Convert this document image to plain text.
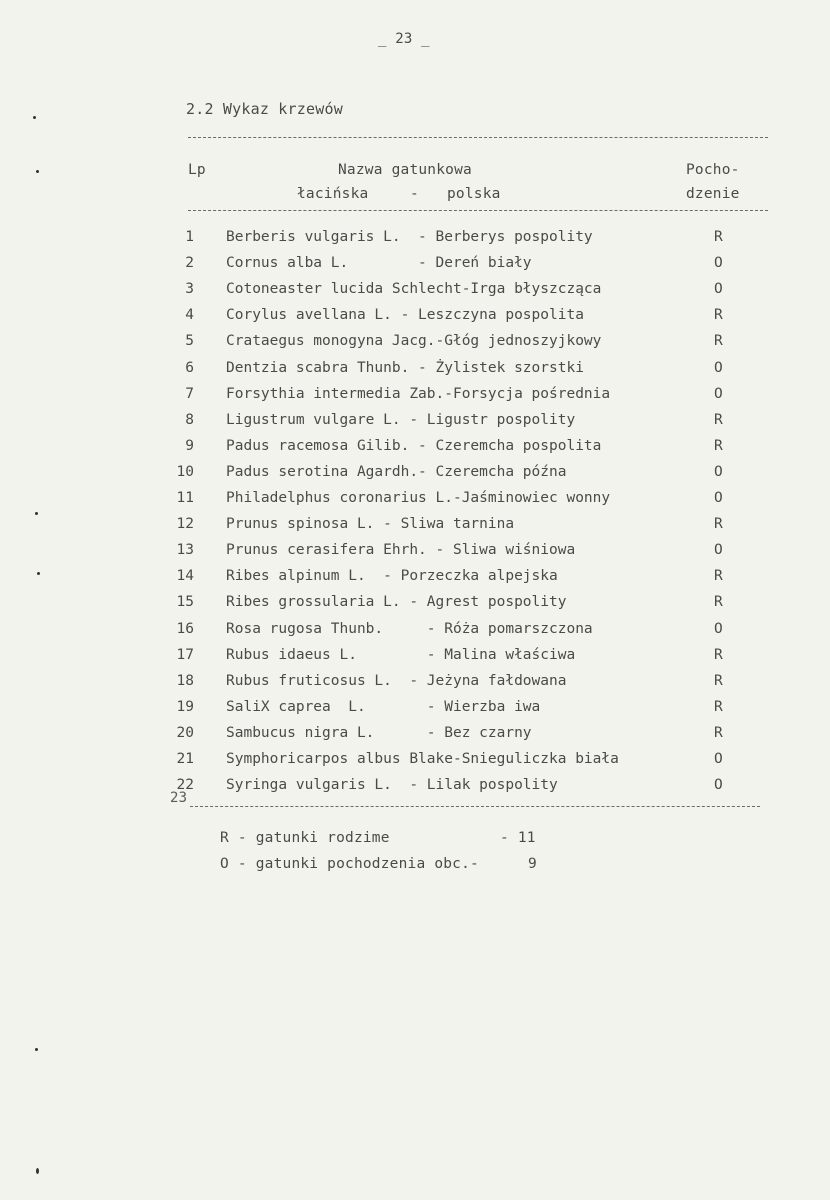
_ 23 _
2.2 Wykaz krzewów
Lp	Nazwa gatunkowa
łacińska	- polska
Pocho-
dzenie
1 Berberis vulgaris L.  - Berberys pospolity	R
2 Cornus alba L.        - Dereń biały	O
3 Cotoneaster lucida Schlecht-Irga błyszcząca	O
4 Corylus avellana L. - Leszczyna pospolita	R
5 Crataegus monogyna Jacg.-Głóg jednoszyjkowy	R
6 Dentzia scabra Thunb. - Żylistek szorstki	O
7 Forsythia intermedia Zab.-Forsycja pośrednia	O
8 Ligustrum vulgare L. - Ligustr pospolity	R
9 Padus racemosa Gilib. - Czeremcha pospolita	R
10 Padus serotina Agardh.- Czeremcha późna	O
11 Philadelphus coronarius L.-Jaśminowiec wonny	O
12 Prunus spinosa L. - Sliwa tarnina	R
13 Prunus cerasifera Ehrh. - Sliwa wiśniowa	O
14 Ribes alpinum L.  - Porzeczka alpejska	R
15 Ribes grossularia L. - Agrest pospolity	R
16 Rosa rugosa Thunb.     - Róża pomarszczona	O
17 Rubus idaeus L.        - Malina właściwa	R
18 Rubus fruticosus L.  - Jeżyna fałdowana	R
19 SaliX caprea  L.       - Wierzba iwa	R
20 Sambucus nigra L.      - Bez czarny	R
21 Symphoricarpos albus Blake-Snieguliczka biała	O
22 Syringa vulgaris L.  - Lilak pospolity	O
23
R - gatunki rodzime	- 11
O - gatunki pochodzenia obc.-	9
